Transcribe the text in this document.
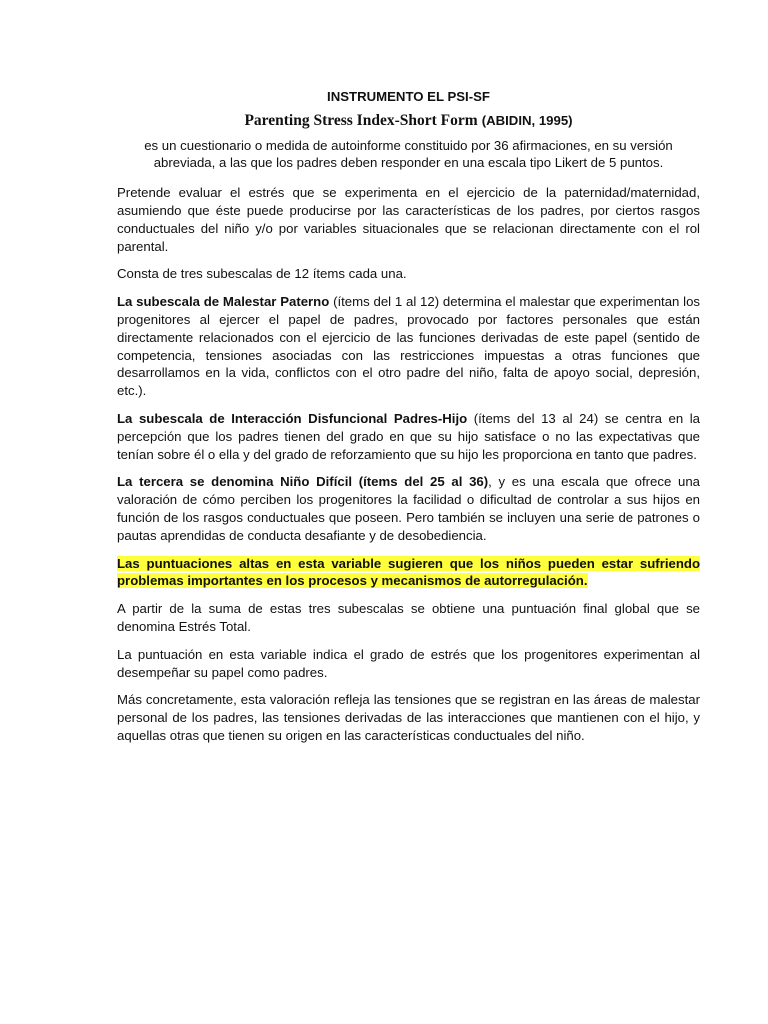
INSTRUMENTO EL PSI-SF
Parenting Stress Index-Short Form (ABIDIN, 1995)
es un cuestionario o medida de autoinforme constituido por 36 afirmaciones, en su versión
abreviada, a las que los padres deben responder en una escala tipo Likert de 5 puntos.

Pretende evaluar el estrés que se experimenta en el ejercicio de la paternidad/maternidad, asumiendo que éste puede producirse por las características de los padres, por ciertos rasgos conductuales del niño y/o por variables situacionales que se relacionan directamente con el rol parental.

Consta de tres subescalas de 12 ítems cada una.

La subescala de Malestar Paterno (ítems del 1 al 12) determina el malestar que experimentan los progenitores al ejercer el papel de padres, provocado por factores personales que están directamente relacionados con el ejercicio de las funciones derivadas de este papel (sentido de competencia, tensiones asociadas con las restricciones impuestas a otras funciones que desarrollamos en la vida, conflictos con el otro padre del niño, falta de apoyo social, depresión, etc.).

La subescala de Interacción Disfuncional Padres-Hijo (ítems del 13 al 24) se centra en la percepción que los padres tienen del grado en que su hijo satisface o no las expectativas que tenían sobre él o ella y del grado de reforzamiento que su hijo les proporciona en tanto que padres.

La tercera se denomina Niño Difícil (ítems del 25 al 36), y es una escala que ofrece una valoración de cómo perciben los progenitores la facilidad o dificultad de controlar a sus hijos en función de los rasgos conductuales que poseen. Pero también se incluyen una serie de patrones o pautas aprendidas de conducta desafiante y de desobediencia.

Las puntuaciones altas en esta variable sugieren que los niños pueden estar sufriendo problemas importantes en los procesos y mecanismos de autorregulación.

A partir de la suma de estas tres subescalas se obtiene una puntuación final global que se denomina Estrés Total.

La puntuación en esta variable indica el grado de estrés que los progenitores experimentan al desempeñar su papel como padres.

Más concretamente, esta valoración refleja las tensiones que se registran en las áreas de malestar personal de los padres, las tensiones derivadas de las interacciones que mantienen con el hijo, y aquellas otras que tienen su origen en las características conductuales del niño.
